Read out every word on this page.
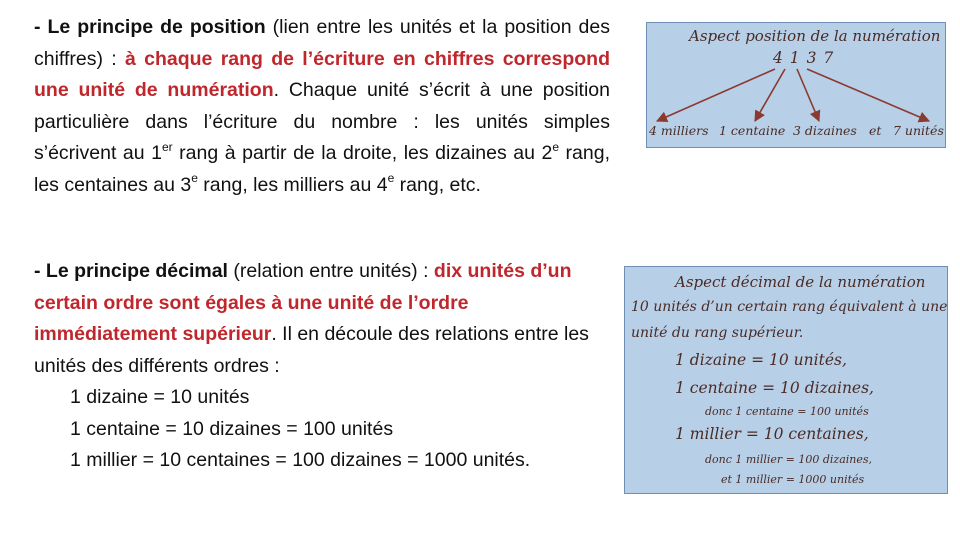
- Le principe de position (lien entre les unités et la position des chiffres) : à chaque rang de l’écriture en chiffres correspond une unité de numération. Chaque unité s’écrit à une position particulière dans l’écriture du nombre : les unités simples s’écrivent au 1er rang à partir de la droite, les dizaines au 2e rang, les centaines au 3e rang, les milliers au 4e rang, etc.

- Le principe décimal (relation entre unités) : dix unités d’un certain ordre sont égales à une unité de l’ordre immédiatement supérieur. Il en découle des relations entre les unités des différents ordres :
1 dizaine = 10 unités
1 centaine = 10 dizaines = 100 unités
1 millier = 10 centaines = 100 dizaines = 1000 unités.

Aspect position de la numération
4 1 3 7
4 milliers 1 centaine 3 dizaines et 7 unités
Aspect décimal de la numération
10 unités d’un certain rang équivalent à une
unité du rang supérieur.
1 dizaine = 10 unités,
1 centaine = 10 dizaines,
donc 1 centaine = 100 unités
1 millier = 10 centaines,
donc 1 millier = 100 dizaines,
et 1 millier = 1000 unités
